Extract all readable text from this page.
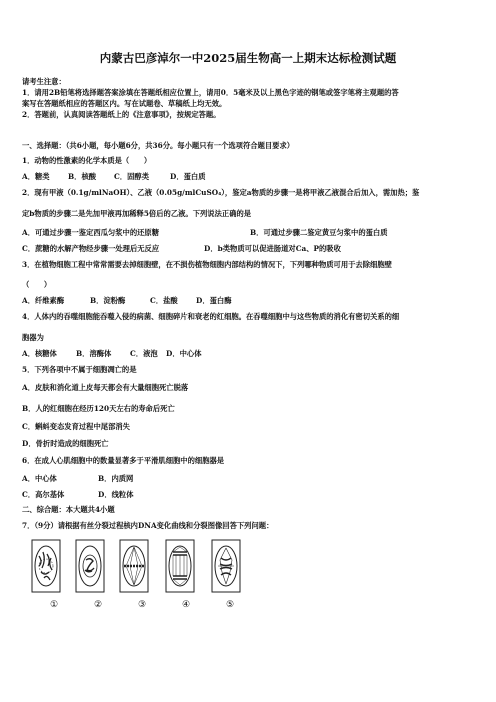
内蒙古巴彦淖尔一中2025届生物高一上期末达标检测试题
请考生注意：
1．请用2B铅笔将选择题答案涂填在答题纸相应位置上，请用0．5毫米及以上黑色字迹的钢笔或签字笔将主观题的答
案写在答题纸相应的答题区内。写在试题卷、草稿纸上均无效。
2．答题前，认真阅读答题纸上的《注意事项》，按规定答题。
一、选择题：（共6小题，每小题6分，共36分。每小题只有一个选项符合题目要求）
1．动物的性激素的化学本质是（　　）
A．糖类	B．核酸 C．固醇类	D．蛋白质
2．现有甲液（0.1g/mlNaOH）、乙液（0.05g/mlCuSO₄），鉴定a物质的步骤一是将甲液乙液混合后加入，需加热；鉴
定b物质的步骤二是先加甲液再加稀释5倍后的乙液。下列说法正确的是
A．可通过步骤一鉴定西瓜匀浆中的还原糖	B．可通过步骤二鉴定黄豆匀浆中的蛋白质
C．蔗糖的水解产物经步骤一处理后无反应	D．b类物质可以促进肠道对Ca、P的吸收
3．在植物细胞工程中常常需要去掉细胞壁，在不损伤植物细胞内部结构的情况下，下列哪种物质可用于去除细胞壁
（　　）
A．纤维素酶	B．淀粉酶	C．盐酸	D．蛋白酶
4．人体内的吞噬细胞能吞噬入侵的病菌、细胞碎片和衰老的红细胞。在吞噬细胞中与这些物质的消化有密切关系的细
胞器为
A．核糖体	B．溶酶体	C．液泡 D．中心体
5．下列各项中不属于细胞凋亡的是
A．皮肤和消化道上皮每天都会有大量细胞死亡脱落
B．人的红细胞在经历120天左右的寿命后死亡
C．蝌蚪变态发育过程中尾部消失
D．骨折时造成的细胞死亡
6．在成人心肌细胞中的数量显著多于平滑肌细胞中的细胞器是
A．中心体	B．内质网
C．高尔基体	D．线粒体
二、综合题：本大题共4小题
7．（9分）请根据有丝分裂过程核内DNA变化曲线和分裂图像回答下列问题：
①	②	③	④	⑤
